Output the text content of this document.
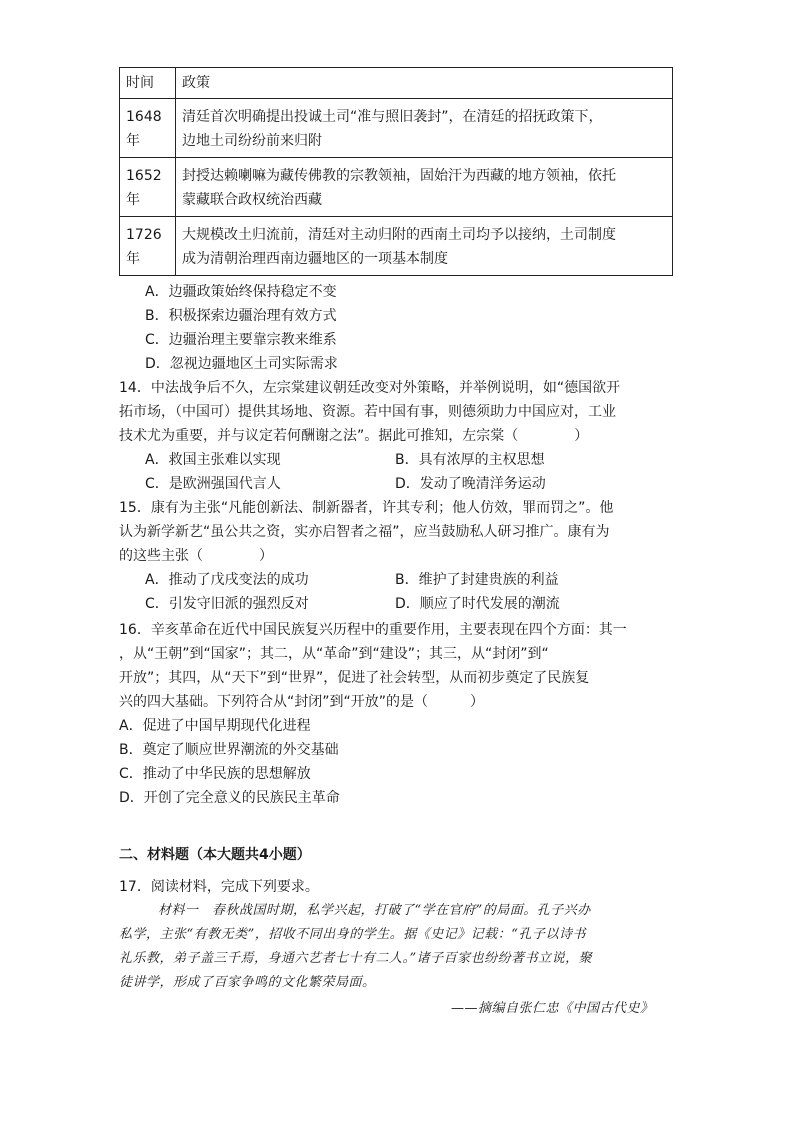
时间	政策
1648年	清廷首次明确提出投诚土司“准与照旧袭封”，在清廷的招抚政策下，
边地土司纷纷前来归附

1652年	封授达赖喇嘛为藏传佛教的宗教领袖，固始汗为西藏的地方领袖，依托
蒙藏联合政权统治西藏

1726年	大规模改土归流前，清廷对主动归附的西南土司均予以接纳，土司制度
成为清朝治理西南边疆地区的一项基本制度
A．边疆政策始终保持稳定不变
B．积极探索边疆治理有效方式
C．边疆治理主要靠宗教来维系
D．忽视边疆地区土司实际需求
14．中法战争后不久，左宗棠建议朝廷改变对外策略，并举例说明，如“德国欲开
拓市场，（中国可）提供其场地、资源。若中国有事，则德须助力中国应对，工业
技术尤为重要，并与议定若何酬谢之法”。据此可推知，左宗棠（　　　　）
A．救国主张难以实现	B．具有浓厚的主权思想
C．是欧洲强国代言人	D．发动了晚清洋务运动
15．康有为主张“凡能创新法、制新器者，许其专利；他人仿效，罪而罚之”。他
认为新学新艺“虽公共之资，实亦启智者之福”，应当鼓励私人研习推广。康有为
的这些主张（　　　　）
A．推动了戊戌变法的成功	B．维护了封建贵族的利益
C．引发守旧派的强烈反对	D．顺应了时代发展的潮流
16．辛亥革命在近代中国民族复兴历程中的重要作用，主要表现在四个方面：其一
，从“王朝”到“国家”；其二，从“革命”到“建设”；其三，从“封闭”到“
开放”；其四，从“天下”到“世界”，促进了社会转型，从而初步奠定了民族复
兴的四大基础。下列符合从“封闭”到“开放”的是（　　　）
A．促进了中国早期现代化进程
B．奠定了顺应世界潮流的外交基础
C．推动了中华民族的思想解放
D．开创了完全意义的民族民主革命
二、材料题（本大题共4小题）
17．阅读材料，完成下列要求。
材料一　春秋战国时期，私学兴起，打破了“学在官府”的局面。孔子兴办
私学，主张“有教无类”，招收不同出身的学生。据《史记》记载：“孔子以诗书
礼乐教，弟子盖三千焉，身通六艺者七十有二人。”诸子百家也纷纷著书立说，聚
徒讲学，形成了百家争鸣的文化繁荣局面。
——摘编自张仁忠《中国古代史》
